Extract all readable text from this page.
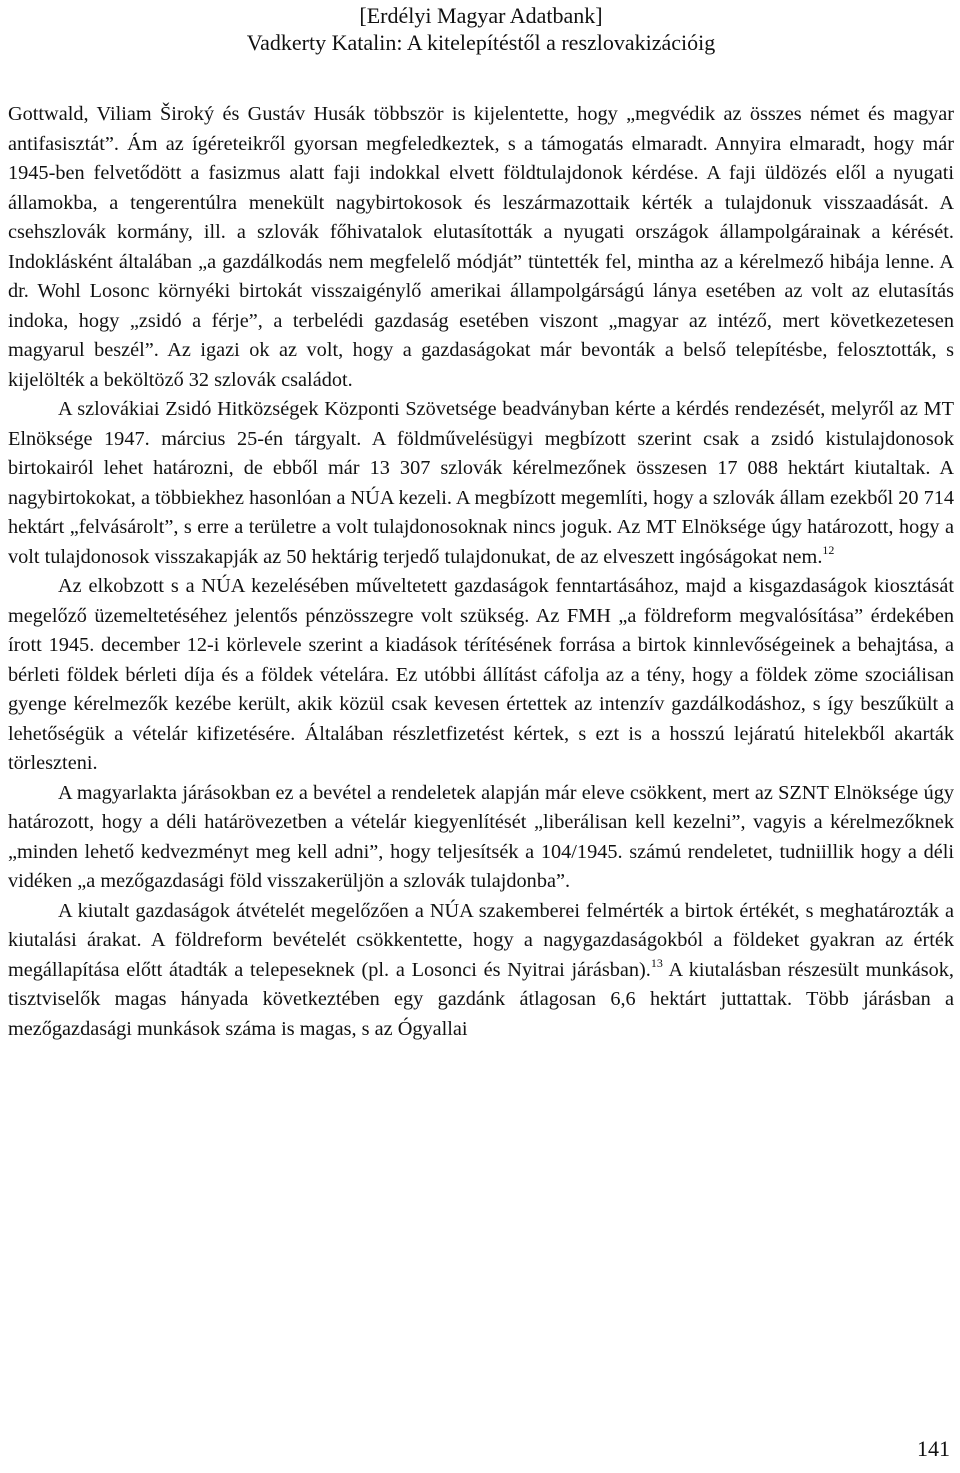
[Erdélyi Magyar Adatbank]
Vadkerty Katalin: A kitelepítéstől a reszlovakizációig

Gottwald, Viliam Široký és Gustáv Husák többször is kijelentette, hogy „megvédik az összes német és magyar antifasisztát”. Ám az ígéreteikről gyorsan megfeledkeztek, s a támogatás elmaradt. Annyira elmaradt, hogy már 1945-ben felvetődött a fasizmus alatt faji indokkal elvett földtulajdonok kérdése. A faji üldözés elől a nyugati államokba, a tengerentúlra menekült nagybirtokosok és leszármazottaik kérték a tulajdonuk visszaadását. A csehszlovák kormány, ill. a szlovák főhivatalok elutasították a nyugati országok állampolgárainak a kérését. Indoklásként általában „a gazdálkodás nem megfelelő módját” tüntették fel, mintha az a kérelmező hibája lenne. A dr. Wohl Losonc környéki birtokát visszaigénylő amerikai állampolgárságú lánya esetében az volt az elutasítás indoka, hogy „zsidó a férje”, a terbelédi gazdaság esetében viszont „magyar az intéző, mert következetesen magyarul beszél”. Az igazi ok az volt, hogy a gazdaságokat már bevonták a belső telepítésbe, felosztották, s kijelölték a beköltöző 32 szlovák családot.

A szlovákiai Zsidó Hitközségek Központi Szövetsége beadványban kérte a kérdés rendezését, melyről az MT Elnöksége 1947. március 25-én tárgyalt. A földművelésügyi megbízott szerint csak a zsidó kistulajdonosok birtokairól lehet határozni, de ebből már 13 307 szlovák kérelmezőnek összesen 17 088 hektárt kiutaltak. A nagybirtokokat, a többiekhez hasonlóan a NÚA kezeli. A megbízott megemlíti, hogy a szlovák állam ezekből 20 714 hektárt „felvásárolt”, s erre a területre a volt tulajdonosoknak nincs joguk. Az MT Elnöksége úgy határozott, hogy a volt tulajdonosok visszakapják az 50 hektárig terjedő tulajdonukat, de az elveszett ingóságokat nem.$^{12}$

Az elkobzott s a NÚA kezelésében műveltetett gazdaságok fenntartásához, majd a kisgazdaságok kiosztását megelőző üzemeltetéséhez jelentős pénzösszegre volt szükség. Az FMH „a földreform megvalósítása” érdekében írott 1945. december 12-i körlevele szerint a kiadások térítésének forrása a birtok kinnlevőségeinek a behajtása, a bérleti földek bérleti díja és a földek vételára. Ez utóbbi állítást cáfolja az a tény, hogy a földek zöme szociálisan gyenge kérelmezők kezébe került, akik közül csak kevesen értettek az intenzív gazdálkodáshoz, s így beszűkült a lehetőségük a vételár kifizetésére. Általában részletfizetést kértek, s ezt is a hosszú lejáratú hitelekből akarták törleszteni.

A magyarlakta járásokban ez a bevétel a rendeletek alapján már eleve csökkent, mert az SZNT Elnöksége úgy határozott, hogy a déli határövezetben a vételár kiegyenlítését „liberálisan kell kezelni”, vagyis a kérelmezőknek „minden lehető kedvezményt meg kell adni”, hogy teljesítsék a 104/1945. számú rendeletet, tudniillik hogy a déli vidéken „a mezőgazdasági föld visszakerüljön a szlovák tulajdonba”.

A kiutalt gazdaságok átvételét megelőzően a NÚA szakemberei felmérték a birtok értékét, s meghatározták a kiutalási árakat. A földreform bevételét csökkentette, hogy a nagygazdaságokból a földeket gyakran az érték megállapítása előtt átadták a telepeseknek (pl. a Losonci és Nyitrai járásban).$^{13}$ A kiutalásban részesült munkások, tisztviselők magas hányada következtében egy gazdánk átlagosan 6,6 hektárt juttattak. Több járásban a mezőgazdasági munkások száma is magas, s az Ógyallai

141
